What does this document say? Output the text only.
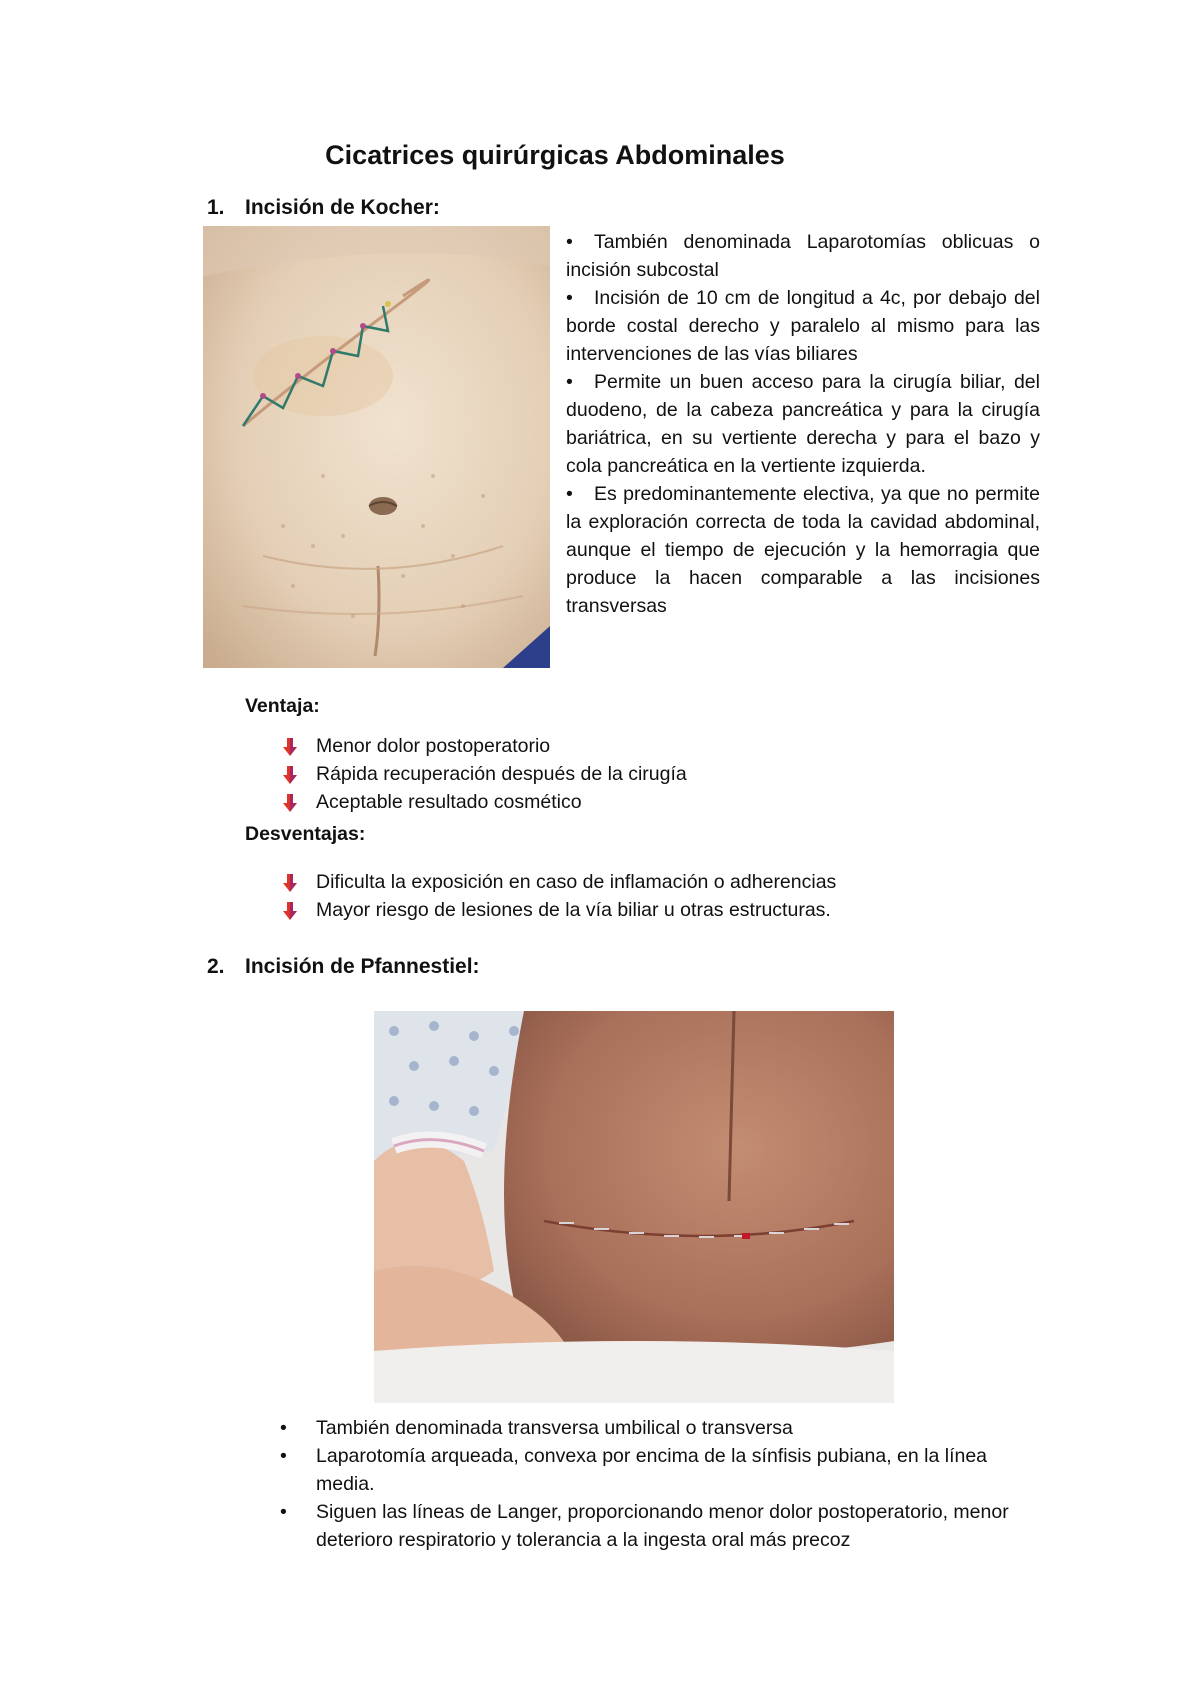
Cicatrices quirúrgicas Abdominales
1. Incisión de Kocher:

• También denominada Laparotomías oblicuas o incisión subcostal

• Incisión de 10 cm de longitud a 4c, por debajo del borde costal derecho y paralelo al mismo para las intervenciones de las vías biliares

• Permite un buen acceso para la cirugía biliar, del duodeno, de la cabeza pancreática y para la cirugía bariátrica, en su vertiente derecha y para el bazo y cola pancreática en la vertiente izquierda.

• Es predominantemente electiva, ya que no permite la exploración correcta de toda la cavidad abdominal, aunque el tiempo de ejecución y la hemorragia que produce la hacen comparable a las incisiones transversas

Ventaja:
Menor dolor postoperatorio
Rápida recuperación después de la cirugía
Aceptable resultado cosmético
Desventajas:
Dificulta la exposición en caso de inflamación o adherencias
Mayor riesgo de lesiones de la vía biliar u otras estructuras.
2. Incisión de Pfannestiel:
• También denominada transversa umbilical o transversa
• Laparotomía arqueada, convexa por encima de la sínfisis pubiana, en la línea media.
• Siguen las líneas de Langer, proporcionando menor dolor postoperatorio, menor deterioro respiratorio y tolerancia a la ingesta oral más precoz
